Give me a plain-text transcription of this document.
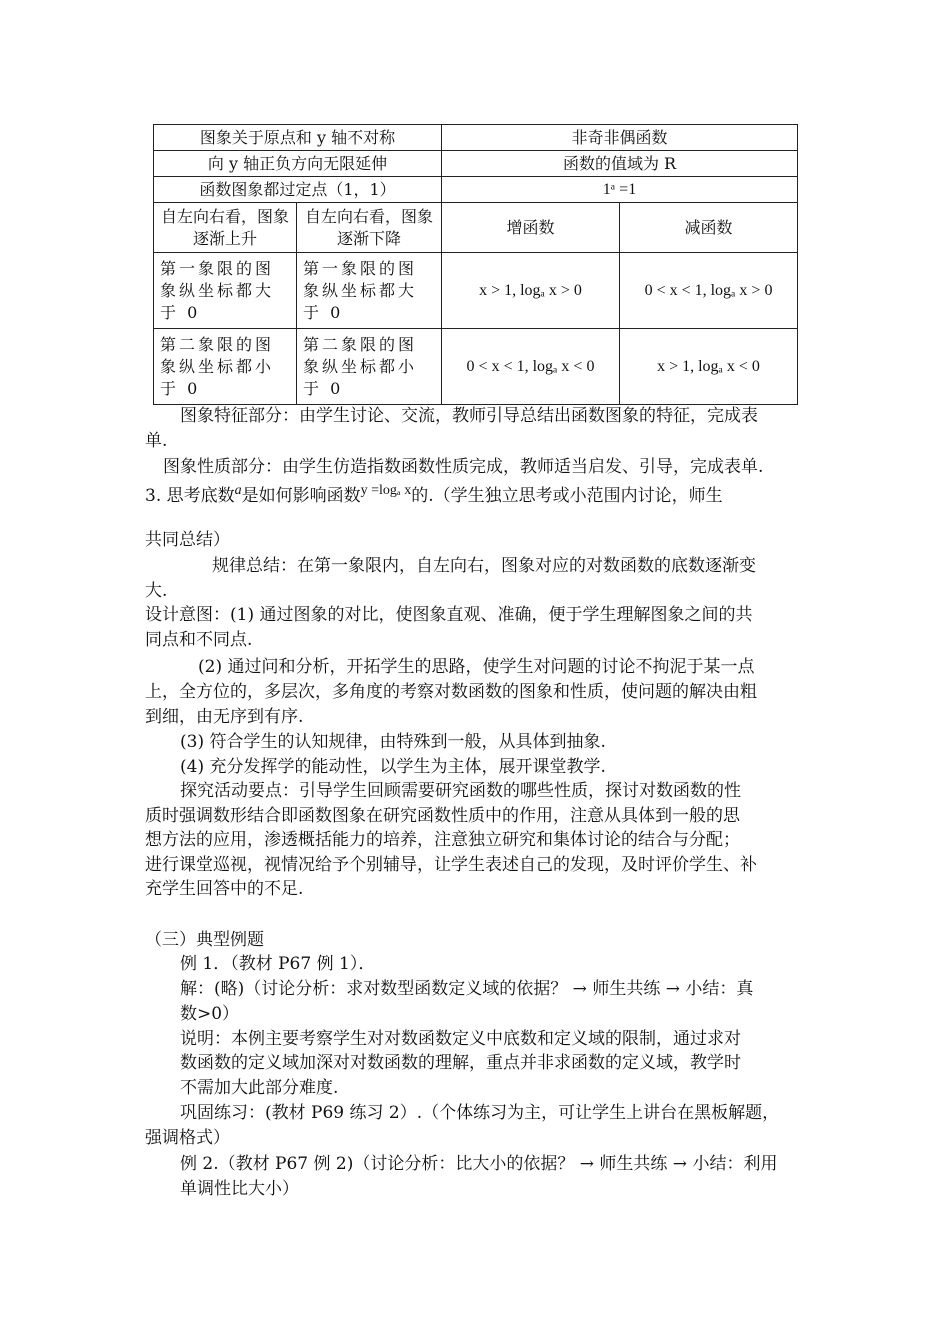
图象关于原点和 y 轴不对称		非奇非偶函数	
向 y 轴正负方向无限延伸		函数的值域为 R	
函数图象都过定点（1，1）		1ᵃ =1	
自左向右看，图象逐渐上升	自左向右看，图象逐渐下降	增函数	减函数
第一象限的图象纵坐标都大于 0	第一象限的图象纵坐标都大于 0	x > 1, logₐ x > 0	0 < x < 1, logₐ x > 0
第二象限的图象纵坐标都小于 0	第二象限的图象纵坐标都小于 0	0 < x < 1, logₐ x < 0	x > 1, logₐ x < 0
图象特征部分：由学生讨论、交流，教师引导总结出函数图象的特征，完成表
单.
图象性质部分：由学生仿造指数函数性质完成，教师适当启发、引导，完成表单.
3. 思考底数$^a$是如何影响函数$^{y =log_a x}$的.（学生独立思考或小范围内讨论，师生
共同总结）
规律总结：在第一象限内，自左向右，图象对应的对数函数的底数逐渐变
大.
设计意图：(1) 通过图象的对比，使图象直观、准确，便于学生理解图象之间的共
同点和不同点.
(2) 通过问和分析，开拓学生的思路，使学生对问题的讨论不拘泥于某一点
上，全方位的，多层次，多角度的考察对数函数的图象和性质，使问题的解决由粗
到细，由无序到有序.
(3) 符合学生的认知规律，由特殊到一般，从具体到抽象.
(4) 充分发挥学的能动性，以学生为主体，展开课堂教学.
探究活动要点：引导学生回顾需要研究函数的哪些性质，探讨对数函数的性
质时强调数形结合即函数图象在研究函数性质中的作用，注意从具体到一般的思
想方法的应用，渗透概括能力的培养，注意独立研究和集体讨论的结合与分配；
进行课堂巡视，视情况给予个别辅导，让学生表述自己的发现，及时评价学生、补
充学生回答中的不足.
（三）典型例题
例 1．（教材 P67 例 1）．
解：(略)（讨论分析：求对数型函数定义域的依据？ → 师生共练 → 小结：真
数>0）
说明：本例主要考察学生对对数函数定义中底数和定义域的限制，通过求对
数函数的定义域加深对对数函数的理解，重点并非求函数的定义域，教学时
不需加大此部分难度.
巩固练习：(教材 P69 练习 2）.（个体练习为主，可让学生上讲台在黑板解题，
强调格式）
例 2.（教材 P67 例 2)（讨论分析：比大小的依据？ → 师生共练 → 小结：利用
单调性比大小）
